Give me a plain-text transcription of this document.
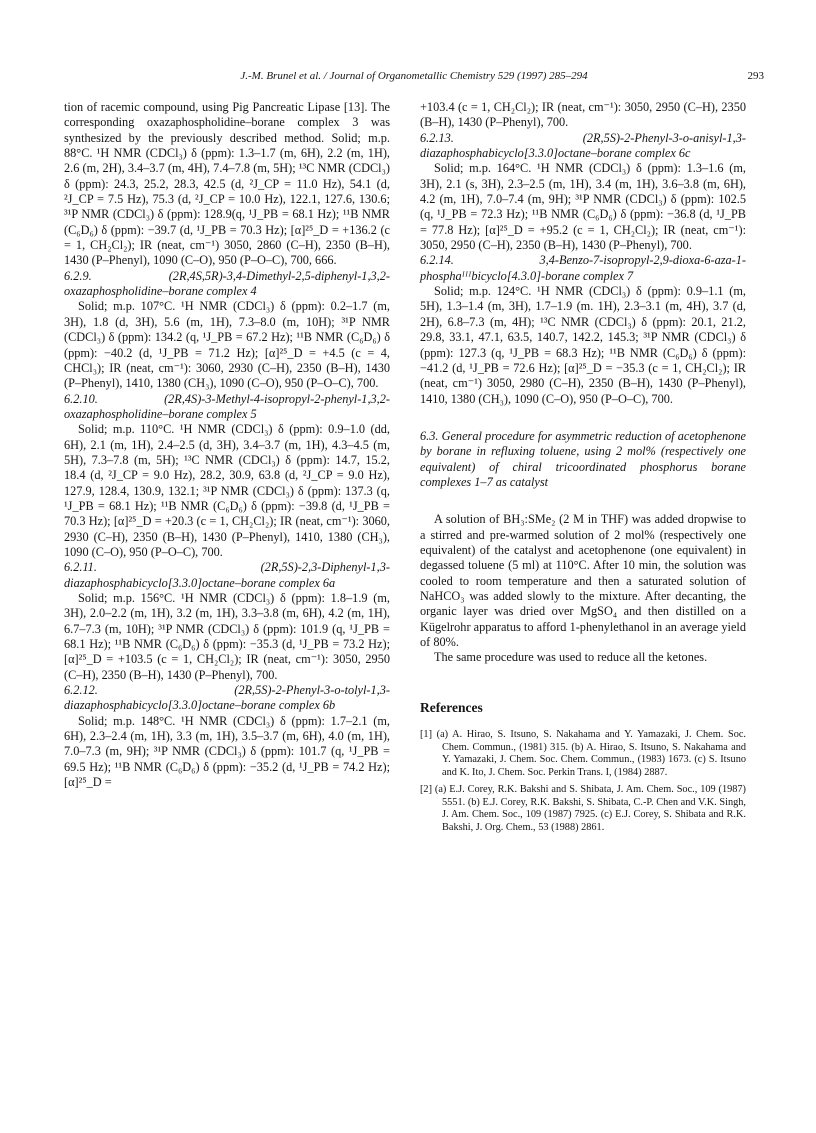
J.-M. Brunel et al. / Journal of Organometallic Chemistry 529 (1997) 285–294	293

tion of racemic compound, using Pig Pancreatic Lipase [13]. The corresponding oxazaphospholidine–borane complex 3 was synthesized by the previously described method. Solid; m.p. 88°C. ¹H NMR (CDCl₃) δ (ppm): 1.3–1.7 (m, 6H), 2.2 (m, 1H), 2.6 (m, 2H), 3.4–3.7 (m, 4H), 7.4–7.8 (m, 5H); ¹³C NMR (CDCl₃) δ (ppm): 24.3, 25.2, 28.3, 42.5 (d, ²J_CP = 11.0 Hz), 54.1 (d, ²J_CP = 7.5 Hz), 75.3 (d, ²J_CP = 10.0 Hz), 122.1, 127.6, 130.6; ³¹P NMR (CDCl₃) δ (ppm): 128.9(q, ¹J_PB = 68.1 Hz); ¹¹B NMR (C₆D₆) δ (ppm): −39.7 (d, ¹J_PB = 70.3 Hz); [α]²⁵_D = +136.2 (c = 1, CH₂Cl₂); IR (neat, cm⁻¹) 3050, 2860 (C–H), 2350 (B–H), 1430 (P–Phenyl), 1090 (C–O), 950 (P–O–C), 700, 666.

6.2.9. (2R,4S,5R)-3,4-Dimethyl-2,5-diphenyl-1,3,2-oxazaphospholidine–borane complex 4

Solid; m.p. 107°C. ¹H NMR (CDCl₃) δ (ppm): 0.2–1.7 (m, 3H), 1.8 (d, 3H), 5.6 (m, 1H), 7.3–8.0 (m, 10H); ³¹P NMR (CDCl₃) δ (ppm): 134.2 (q, ¹J_PB = 67.2 Hz); ¹¹B NMR (C₆D₆) δ (ppm): −40.2 (d, ¹J_PB = 71.2 Hz); [α]²⁵_D = +4.5 (c = 4, CHCl₃); IR (neat, cm⁻¹): 3060, 2930 (C–H), 2350 (B–H), 1430 (P–Phenyl), 1410, 1380 (CH₃), 1090 (C–O), 950 (P–O–C), 700.

6.2.10. (2R,4S)-3-Methyl-4-isopropyl-2-phenyl-1,3,2-oxazaphospholidine–borane complex 5

Solid; m.p. 110°C. ¹H NMR (CDCl₃) δ (ppm): 0.9–1.0 (dd, 6H), 2.1 (m, 1H), 2.4–2.5 (d, 3H), 3.4–3.7 (m, 1H), 4.3–4.5 (m, 5H), 7.3–7.8 (m, 5H); ¹³C NMR (CDCl₃) δ (ppm): 14.7, 15.2, 18.4 (d, ²J_CP = 9.0 Hz), 28.2, 30.9, 63.8 (d, ²J_CP = 9.0 Hz), 127.9, 128.4, 130.9, 132.1; ³¹P NMR (CDCl₃) δ (ppm): 137.3 (q, ¹J_PB = 68.1 Hz); ¹¹B NMR (C₆D₆) δ (ppm): −39.8 (d, ¹J_PB = 70.3 Hz); [α]²⁵_D = +20.3 (c = 1, CH₂Cl₂); IR (neat, cm⁻¹): 3060, 2930 (C–H), 2350 (B–H), 1430 (P–Phenyl), 1410, 1380 (CH₃), 1090 (C–O), 950 (P–O–C), 700.

6.2.11. (2R,5S)-2,3-Diphenyl-1,3-diazaphosphabicyclo[3.3.0]octane–borane complex 6a

Solid; m.p. 156°C. ¹H NMR (CDCl₃) δ (ppm): 1.8–1.9 (m, 3H), 2.0–2.2 (m, 1H), 3.2 (m, 1H), 3.3–3.8 (m, 6H), 4.2 (m, 1H), 6.7–7.3 (m, 10H); ³¹P NMR (CDCl₃) δ (ppm): 101.9 (q, ¹J_PB = 68.1 Hz); ¹¹B NMR (C₆D₆) δ (ppm): −35.3 (d, ¹J_PB = 73.2 Hz); [α]²⁵_D = +103.5 (c = 1, CH₂Cl₂); IR (neat, cm⁻¹): 3050, 2950 (C–H), 2350 (B–H), 1430 (P–Phenyl), 700.

6.2.12. (2R,5S)-2-Phenyl-3-o-tolyl-1,3-diazaphosphabicyclo[3.3.0]octane–borane complex 6b

Solid; m.p. 148°C. ¹H NMR (CDCl₃) δ (ppm): 1.7–2.1 (m, 6H), 2.3–2.4 (m, 1H), 3.3 (m, 1H), 3.5–3.7 (m, 6H), 4.0 (m, 1H), 7.0–7.3 (m, 9H); ³¹P NMR (CDCl₃) δ (ppm): 101.7 (q, ¹J_PB = 69.5 Hz); ¹¹B NMR (C₆D₆) δ (ppm): −35.2 (d, ¹J_PB = 74.2 Hz); [α]²⁵_D =

+103.4 (c = 1, CH₂Cl₂); IR (neat, cm⁻¹): 3050, 2950 (C–H), 2350 (B–H), 1430 (P–Phenyl), 700.

6.2.13. (2R,5S)-2-Phenyl-3-o-anisyl-1,3-diazaphosphabicyclo[3.3.0]octane–borane complex 6c

Solid; m.p. 164°C. ¹H NMR (CDCl₃) δ (ppm): 1.3–1.6 (m, 3H), 2.1 (s, 3H), 2.3–2.5 (m, 1H), 3.4 (m, 1H), 3.6–3.8 (m, 6H), 4.2 (m, 1H), 7.0–7.4 (m, 9H); ³¹P NMR (CDCl₃) δ (ppm): 102.5 (q, ¹J_PB = 72.3 Hz); ¹¹B NMR (C₆D₆) δ (ppm): −36.8 (d, ¹J_PB = 77.8 Hz); [α]²⁵_D = +95.2 (c = 1, CH₂Cl₂); IR (neat, cm⁻¹): 3050, 2950 (C–H), 2350 (B–H), 1430 (P–Phenyl), 700.

6.2.14. 3,4-Benzo-7-isopropyl-2,9-dioxa-6-aza-1-phosphaᴵᴵᴵbicyclo[4.3.0]-borane complex 7

Solid; m.p. 124°C. ¹H NMR (CDCl₃) δ (ppm): 0.9–1.1 (m, 5H), 1.3–1.4 (m, 3H), 1.7–1.9 (m. 1H), 2.3–3.1 (m, 4H), 3.7 (d, 2H), 6.8–7.3 (m, 4H); ¹³C NMR (CDCl₃) δ (ppm): 20.1, 21.2, 29.8, 33.1, 47.1, 63.5, 140.7, 142.2, 145.3; ³¹P NMR (CDCl₃) δ (ppm): 127.3 (q, ¹J_PB = 68.3 Hz); ¹¹B NMR (C₆D₆) δ (ppm): −41.2 (d, ¹J_PB = 72.6 Hz); [α]²⁵_D = −35.3 (c = 1, CH₂Cl₂); IR (neat, cm⁻¹) 3050, 2980 (C–H), 2350 (B–H), 1430 (P–Phenyl), 1410, 1380 (CH₃), 1090 (C–O), 950 (P–O–C), 700.

6.3. General procedure for asymmetric reduction of acetophenone by borane in refluxing toluene, using 2 mol% (respectively one equivalent) of chiral tricoordinated phosphorus borane complexes 1–7 as catalyst

A solution of BH₃:SMe₂ (2 M in THF) was added dropwise to a stirred and pre-warmed solution of 2 mol% (respectively one equivalent) of the catalyst and acetophenone (one equivalent) in degassed toluene (5 ml) at 110°C. After 10 min, the solution was cooled to room temperature and then a saturated solution of NaHCO₃ was added slowly to the mixture. After decanting, the organic layer was dried over MgSO₄ and then distilled on a Kügelrohr apparatus to afford 1-phenylethanol in an average yield of 80%.

The same procedure was used to reduce all the ketones.

References

[1] (a) A. Hirao, S. Itsuno, S. Nakahama and Y. Yamazaki, J. Chem. Soc. Chem. Commun., (1981) 315. (b) A. Hirao, S. Itsuno, S. Nakahama and Y. Yamazaki, J. Chem. Soc. Chem. Commun., (1983) 1673. (c) S. Itsuno and K. Ito, J. Chem. Soc. Perkin Trans. I, (1984) 2887.

[2] (a) E.J. Corey, R.K. Bakshi and S. Shibata, J. Am. Chem. Soc., 109 (1987) 5551. (b) E.J. Corey, R.K. Bakshi, S. Shibata, C.-P. Chen and V.K. Singh, J. Am. Chem. Soc., 109 (1987) 7925. (c) E.J. Corey, S. Shibata and R.K. Bakshi, J. Org. Chem., 53 (1988) 2861.
